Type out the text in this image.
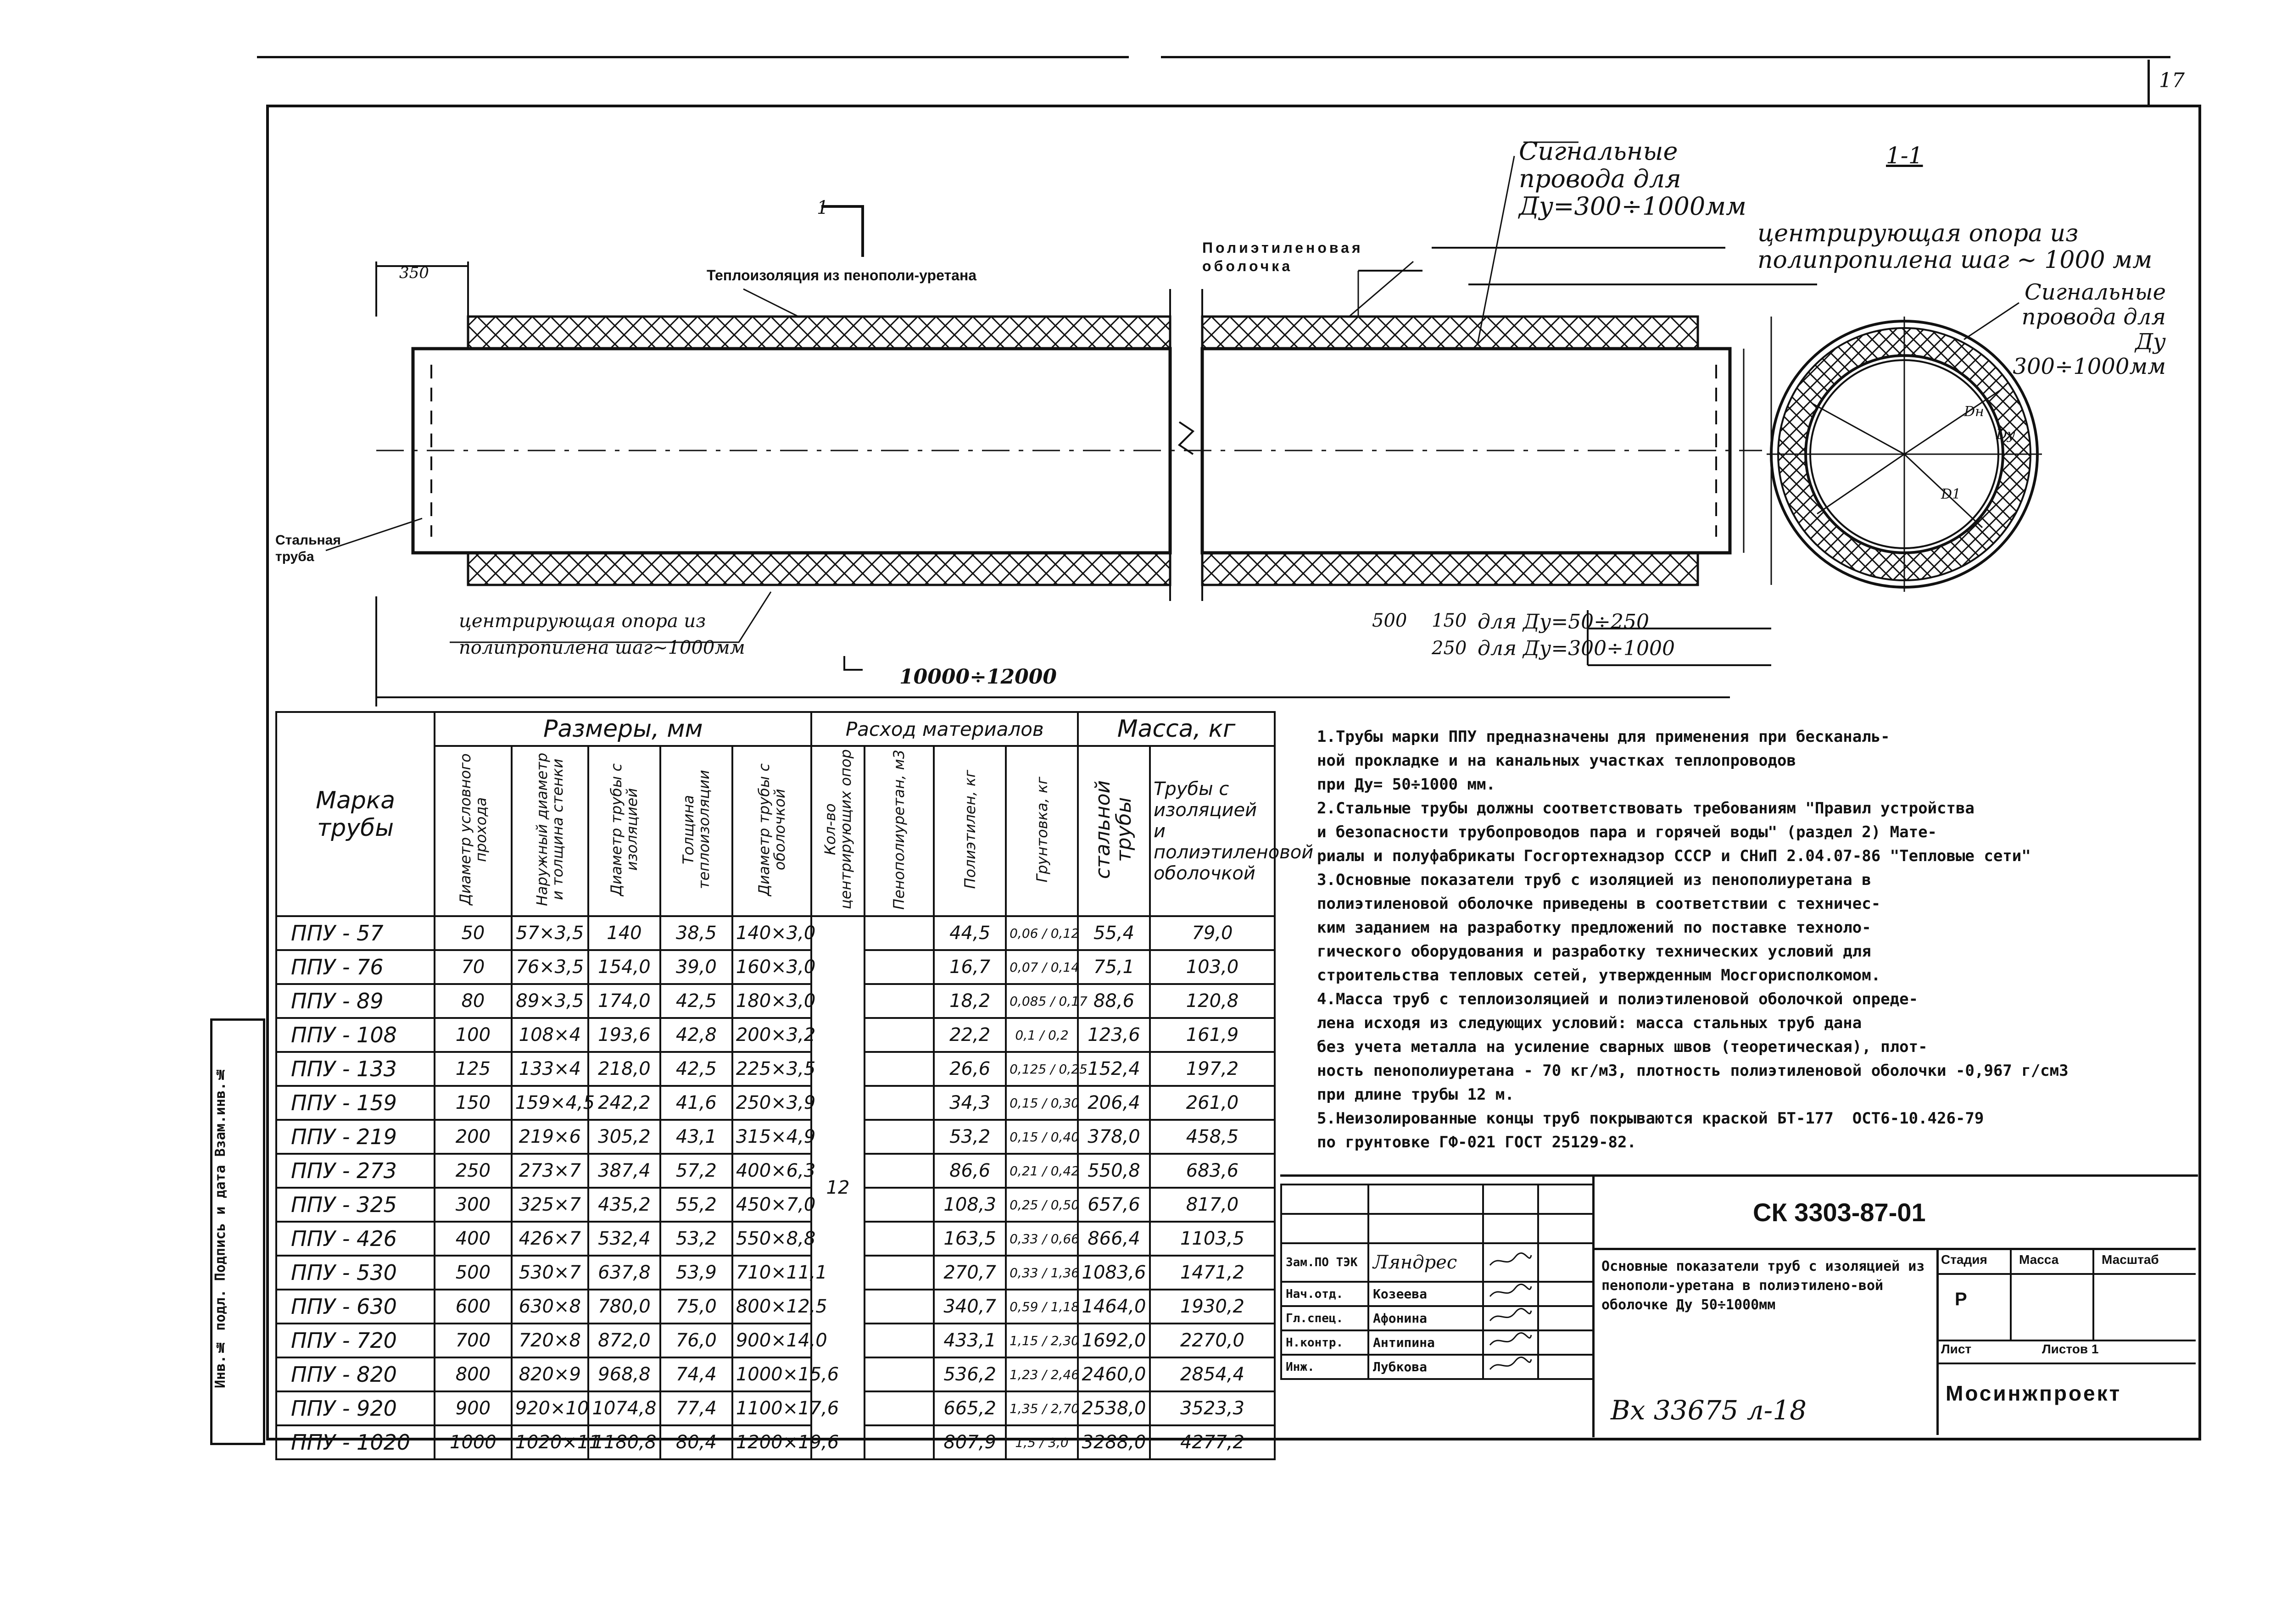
17
Инв.№ подл. Подпись и дата Взам.инв.№
Теплоизоляция из пенополи-уретана
Полиэтиленовая оболочка
Стальная труба
350
Сигнальные провода для Ду=300÷1000мм
центрирующая опора из полипропилена шаг~1000мм
500 150
250
для Ду=50÷250
для Ду=300÷1000
10000÷12000
1
1-1
центрирующая опора из полипропилена шаг ~ 1000 мм
Сигнальные провода для Ду 300÷1000мм
Dн
Dу
D1
Марка трубы	Размеры, мм					Расход материалов				Масса, кг	
	Диаметр условного прохода	Наружный диаметр и толщина стенки	Диаметр трубы с изоляцией	Толщина теплоизоляции	Диаметр трубы с оболочкой	Кол-во центрирующих опор	Пенополиуретан, м3	Полиэтилен, кг	Грунтовка, кг	стальной трубы	Трубы с изоляцией и полиэтиленовой оболочкой
ППУ - 57	50	57×3,5	140	38,5	140×3,0	12		44,5	0,06 / 0,12	55,4	79,0
ППУ - 76	70	76×3,5	154,0	39,0	160×3,0			16,7	0,07 / 0,14	75,1	103,0
ППУ - 89	80	89×3,5	174,0	42,5	180×3,0			18,2	0,085 / 0,17	88,6	120,8
ППУ - 108	100	108×4	193,6	42,8	200×3,2			22,2	0,1 / 0,2	123,6	161,9
ППУ - 133	125	133×4	218,0	42,5	225×3,5			26,6	0,125 / 0,25	152,4	197,2
ППУ - 159	150	159×4,5	242,2	41,6	250×3,9			34,3	0,15 / 0,30	206,4	261,0
ППУ - 219	200	219×6	305,2	43,1	315×4,9			53,2	0,15 / 0,40	378,0	458,5
ППУ - 273	250	273×7	387,4	57,2	400×6,3			86,6	0,21 / 0,42	550,8	683,6
ППУ - 325	300	325×7	435,2	55,2	450×7,0			108,3	0,25 / 0,50	657,6	817,0
ППУ - 426	400	426×7	532,4	53,2	550×8,8			163,5	0,33 / 0,66	866,4	1103,5
ППУ - 530	500	530×7	637,8	53,9	710×11,1			270,7	0,33 / 1,36	1083,6	1471,2
ППУ - 630	600	630×8	780,0	75,0	800×12,5			340,7	0,59 / 1,18	1464,0	1930,2
ППУ - 720	700	720×8	872,0	76,0	900×14,0			433,1	1,15 / 2,30	1692,0	2270,0
ППУ - 820	800	820×9	968,8	74,4	1000×15,6			536,2	1,23 / 2,46	2460,0	2854,4
ППУ - 920	900	920×10	1074,8	77,4	1100×17,6			665,2	1,35 / 2,70	2538,0	3523,3
ППУ - 1020	1000	1020×11	1180,8	80,4	1200×19,6			807,9	1,5 / 3,0	3288,0	4277,2
1.Трубы марки ППУ предназначены для применения при бесканаль-
ной прокладке и на канальных участках теплопроводов
при Ду= 50÷1000 мм.
2.Стальные трубы должны соответствовать требованиям "Правил устройства
и безопасности трубопроводов пара и горячей воды" (раздел 2) Мате-
риалы и полуфабрикаты Госгортехнадзор СССР и СНиП 2.04.07-86 "Тепловые сети"
3.Основные показатели труб с изоляцией из пенополиуретана в
полиэтиленовой оболочке приведены в соответствии с техничес-
ким заданием на разработку предложений по поставке техноло-
гического оборудования и разработку технических условий для
строительства тепловых сетей, утвержденным Мосгорисполкомом.
4.Масса труб с теплоизоляцией и полиэтиленовой оболочкой опреде-
лена исходя из следующих условий: масса стальных труб дана
без учета металла на усиление сварных швов (теоретическая), плот-
ность пенополиуретана - 70 кг/м3, плотность полиэтиленовой оболочки -0,967 г/см3
при длине трубы 12 м.
5.Неизолированные концы труб покрываются краской БТ-177  ОСТ6-10.426-79
по грунтовке ГФ-021 ГОСТ 25129-82.

Зам.ПО ТЭК	Ляндрес		
Нач.отд.	Козеева		
Гл.спец.	Афонина		
Н.контр.	Антипина		
Инж.	Лубкова		
СК 3303-87-01
Основные показатели труб с изоляцией из пенополи-уретана в полиэтилено-вой оболочке Ду 50÷1000мм
Стадия Масса	Масштаб
Р
Лист	Листов 1
Мосинжпроект
Вх 33675 л-18
